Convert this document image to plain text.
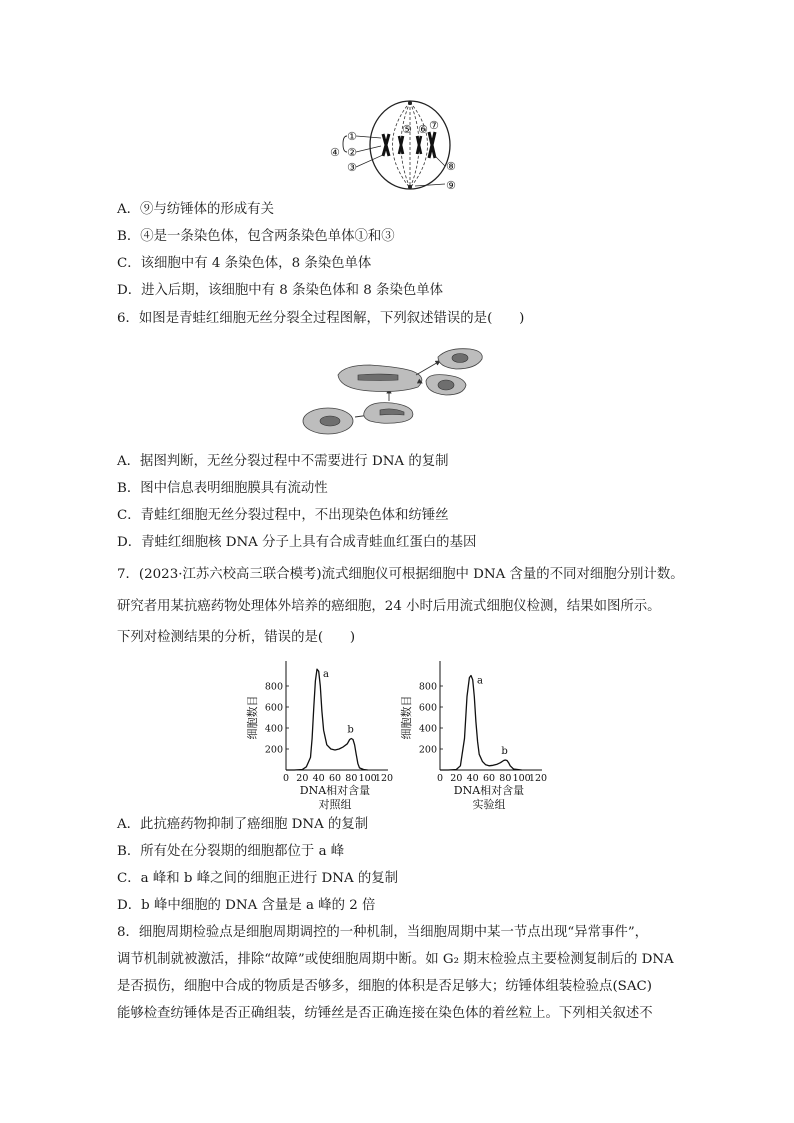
①
②
③
④
⑤ ⑥ ⑦
⑧
⑨
A．⑨与纺锤体的形成有关
B．④是一条染色体，包含两条染色单体①和③
C．该细胞中有 4 条染色体，8 条染色单体
D．进入后期，该细胞中有 8 条染色体和 8 条染色单体
6．如图是青蛙红细胞无丝分裂全过程图解，下列叙述错误的是(　　)
A．据图判断，无丝分裂过程中不需要进行 DNA 的复制
B．图中信息表明细胞膜具有流动性
C．青蛙红细胞无丝分裂过程中，不出现染色体和纺锤丝
D．青蛙红细胞核 DNA 分子上具有合成青蛙血红蛋白的基因
7．(2023·江苏六校高三联合模考)流式细胞仪可根据细胞中 DNA 含量的不同对细胞分别计数。
研究者用某抗癌药物处理体外培养的癌细胞，24 小时后用流式细胞仪检测，结果如图所示。
下列对检测结果的分析，错误的是(　　)
0 20 40 60 80 100
120
200
400
600
800
细胞数目
DNA相对含量
对照组
a
b
0 20 40 60 80 100
120
200
400
600
800
细胞数目
DNA相对含量
实验组
a
b
A．此抗癌药物抑制了癌细胞 DNA 的复制
B．所有处在分裂期的细胞都位于 a 峰
C．a 峰和 b 峰之间的细胞正进行 DNA 的复制
D．b 峰中细胞的 DNA 含量是 a 峰的 2 倍
8．细胞周期检验点是细胞周期调控的一种机制，当细胞周期中某一节点出现“异常事件”，
调节机制就被激活，排除“故障”或使细胞周期中断。如 G₂ 期末检验点主要检测复制后的 DNA
是否损伤，细胞中合成的物质是否够多，细胞的体积是否足够大；纺锤体组装检验点(SAC)
能够检查纺锤体是否正确组装，纺锤丝是否正确连接在染色体的着丝粒上。下列相关叙述不
